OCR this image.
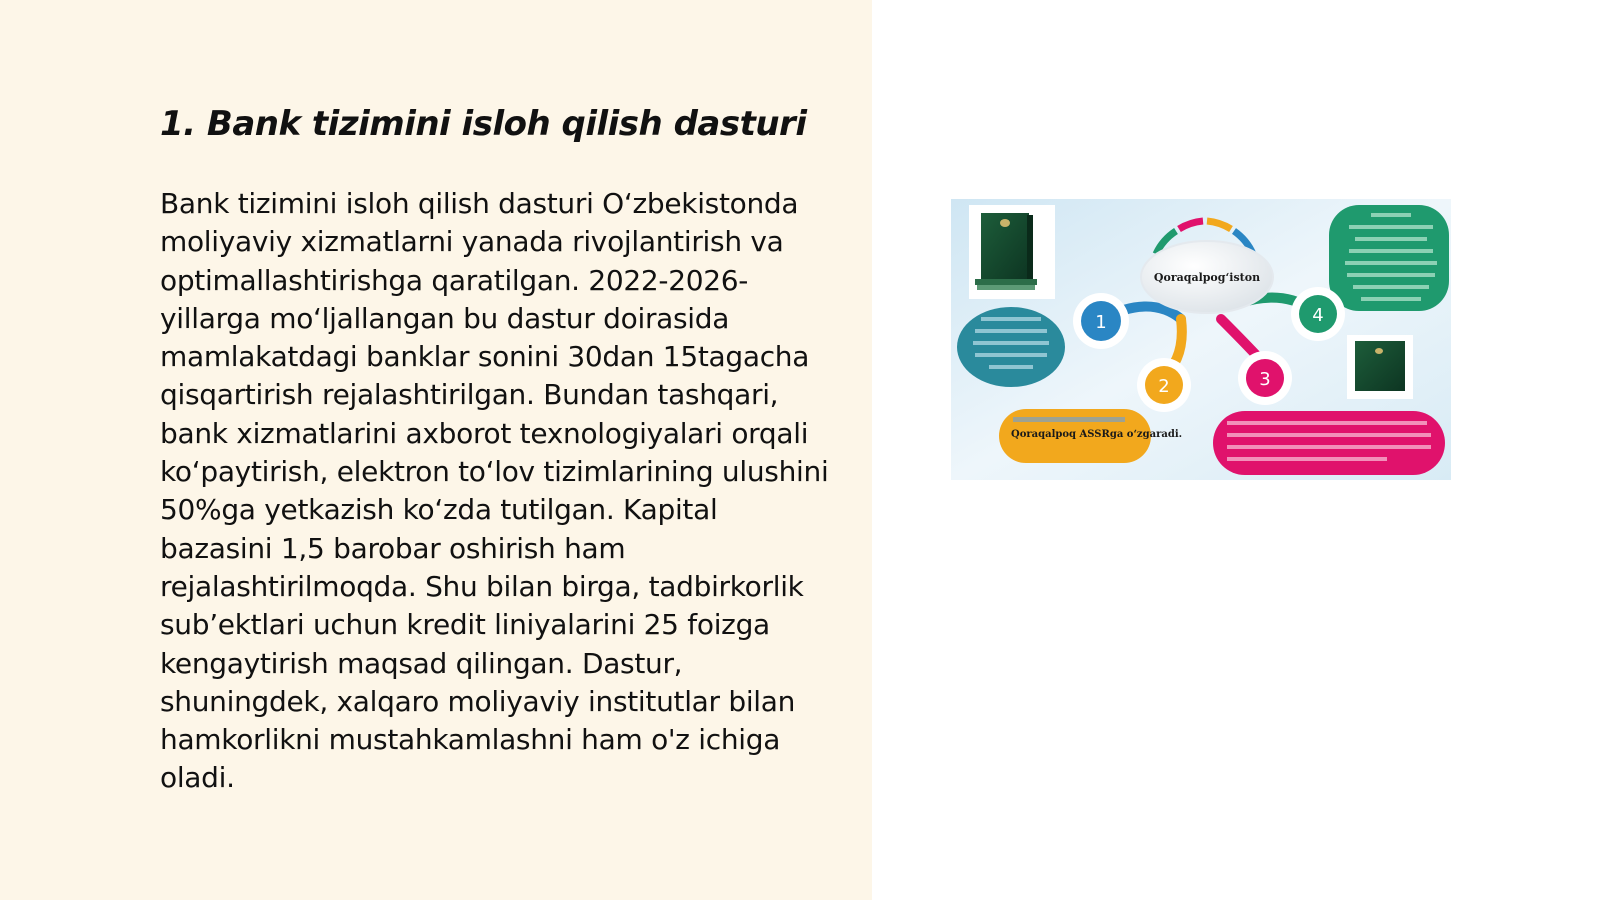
1. Bank tizimini isloh qilish dasturi

Bank tizimini isloh qilish dasturi O‘zbekistonda moliyaviy xizmatlarni yanada rivojlantirish va optimallashtirishga qaratilgan. 2022-2026-yillarga mo‘ljallangan bu dastur doirasida mamlakatdagi banklar sonini 30dan 15tagacha qisqartirish rejalashtirilgan. Bundan tashqari, bank xizmatlarini axborot texnologiyalari orqali ko‘paytirish, elektron to‘lov tizimlarining ulushini 50%ga yetkazish ko‘zda tutilgan. Kapital bazasini 1,5 barobar oshirish ham rejalashtirilmoqda. Shu bilan birga, tadbirkorlik sub’ektlari uchun kredit liniyalarini 25 foizga kengaytirish maqsad qilingan. Dastur, shuningdek, xalqaro moliyaviy institutlar bilan hamkorlikni mustahkamlashni ham o'z ichiga oladi.

Qoraqalpog‘iston
Qoraqalpoq ASSRga o‘zgaradi.
1
2	3
4
